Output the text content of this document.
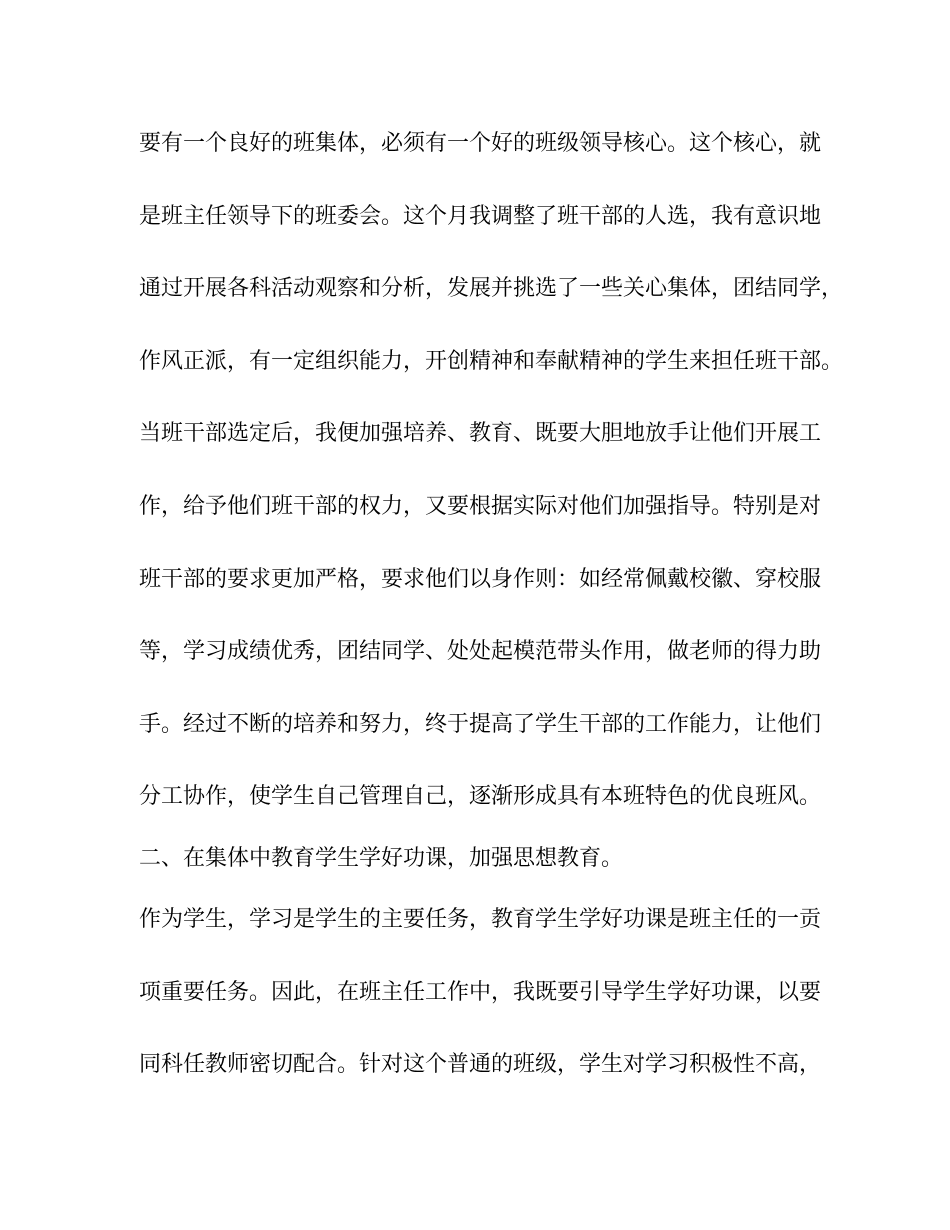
要有一个良好的班集体，必须有一个好的班级领导核心。这个核心，就
是班主任领导下的班委会。这个月我调整了班干部的人选，我有意识地
通过开展各科活动观察和分析，发展并挑选了一些关心集体，团结同学，
作风正派，有一定组织能力，开创精神和奉献精神的学生来担任班干部。
当班干部选定后，我便加强培养、教育、既要大胆地放手让他们开展工
作，给予他们班干部的权力，又要根据实际对他们加强指导。特别是对
班干部的要求更加严格，要求他们以身作则：如经常佩戴校徽、穿校服
等，学习成绩优秀，团结同学、处处起模范带头作用，做老师的得力助
手。经过不断的培养和努力，终于提高了学生干部的工作能力，让他们
分工协作，使学生自己管理自己，逐渐形成具有本班特色的优良班风。
二、在集体中教育学生学好功课，加强思想教育。
作为学生，学习是学生的主要任务，教育学生学好功课是班主任的一贡
项重要任务。因此，在班主任工作中，我既要引导学生学好功课，以要
同科任教师密切配合。针对这个普通的班级，学生对学习积极性不高，
